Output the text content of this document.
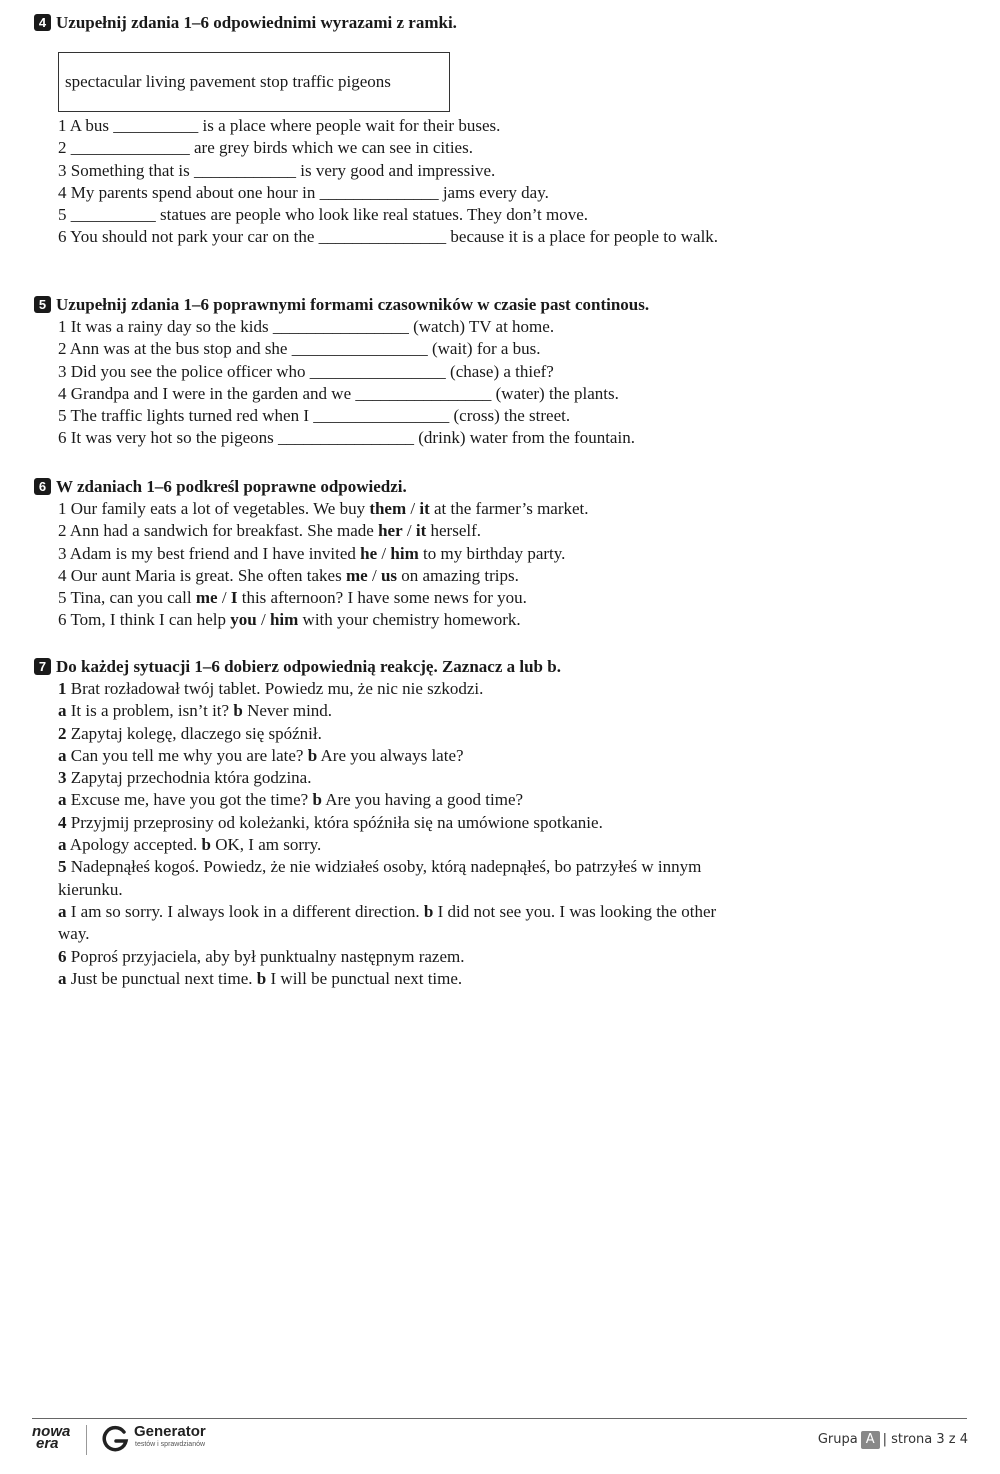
4 Uzupełnij zdania 1–6 odpowiednimi wyrazami z ramki.
spectacular living pavement stop traffic pigeons
1 A bus __________ is a place where people wait for their buses.
2 ______________ are grey birds which we can see in cities.
3 Something that is ____________ is very good and impressive.
4 My parents spend about one hour in ______________ jams every day.
5 __________ statues are people who look like real statues. They don’t move.
6 You should not park your car on the _______________ because it is a place for people to walk.
5 Uzupełnij zdania 1–6 poprawnymi formami czasowników w czasie past continous.
1 It was a rainy day so the kids ________________ (watch) TV at home.
2 Ann was at the bus stop and she ________________ (wait) for a bus.
3 Did you see the police officer who ________________ (chase) a thief?
4 Grandpa and I were in the garden and we ________________ (water) the plants.
5 The traffic lights turned red when I ________________ (cross) the street.
6 It was very hot so the pigeons ________________ (drink) water from the fountain.
6 W zdaniach 1–6 podkreśl poprawne odpowiedzi.
1 Our family eats a lot of vegetables. We buy them / it at the farmer’s market.
2 Ann had a sandwich for breakfast. She made her / it herself.
3 Adam is my best friend and I have invited he / him to my birthday party.
4 Our aunt Maria is great. She often takes me / us on amazing trips.
5 Tina, can you call me / I this afternoon? I have some news for you.
6 Tom, I think I can help you / him with your chemistry homework.
7 Do każdej sytuacji 1–6 dobierz odpowiednią reakcję. Zaznacz a lub b.
1 Brat rozładował twój tablet. Powiedz mu, że nic nie szkodzi.
a It is a problem, isn’t it? b Never mind.
2 Zapytaj kolegę, dlaczego się spóźnił.
a Can you tell me why you are late? b Are you always late?
3 Zapytaj przechodnia która godzina.
a Excuse me, have you got the time? b Are you having a good time?
4 Przyjmij przeprosiny od koleżanki, która spóźniła się na umówione spotkanie.
a Apology accepted. b OK, I am sorry.
5 Nadepnąłeś kogoś. Powiedz, że nie widziałeś osoby, którą nadepnąłeś, bo patrzyłeś w innym kierunku.
a I am so sorry. I always look in a different direction. b I did not see you. I was looking the other way.
6 Poproś przyjaciela, aby był punktualny następnym razem.
a Just be punctual next time. b I will be punctual next time.
nowa
era
Generator
testów i sprawdzianów	Grupa A | strona 3 z 4
